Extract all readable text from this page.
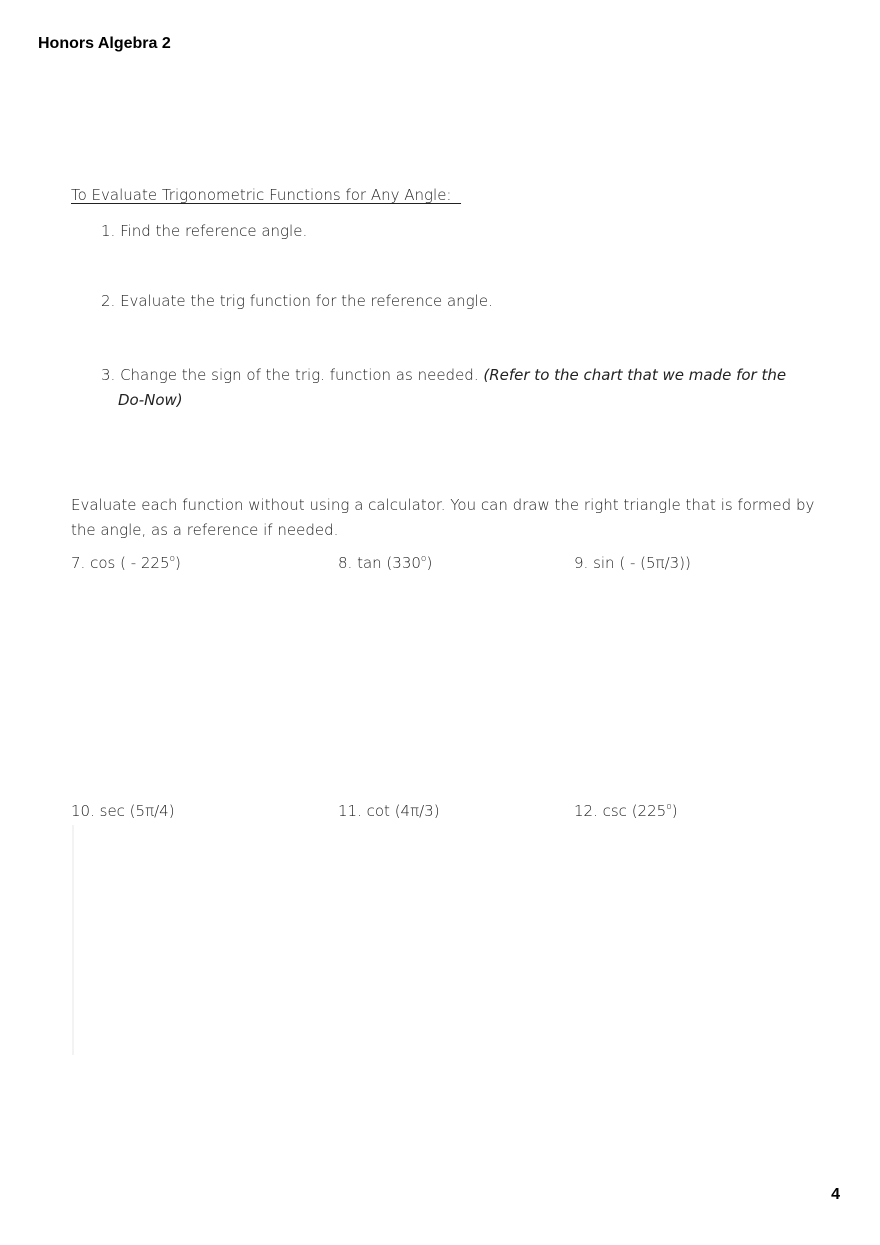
Honors Algebra 2
To Evaluate Trigonometric Functions for Any Angle:
1. Find the reference angle.
2. Evaluate the trig function for the reference angle.
3. Change the sign of the trig. function as needed. (Refer to the chart that we made for the
Do-Now)
Evaluate each function without using a calculator. You can draw the right triangle that is formed by the angle, as a reference if needed.
7. cos ( - 225$^o$)	8. tan (330$^o$)	9. sin ( - (5π/3))
10. sec (5π/4)	11. cot (4π/3)	12. csc (225$^o$)
4
